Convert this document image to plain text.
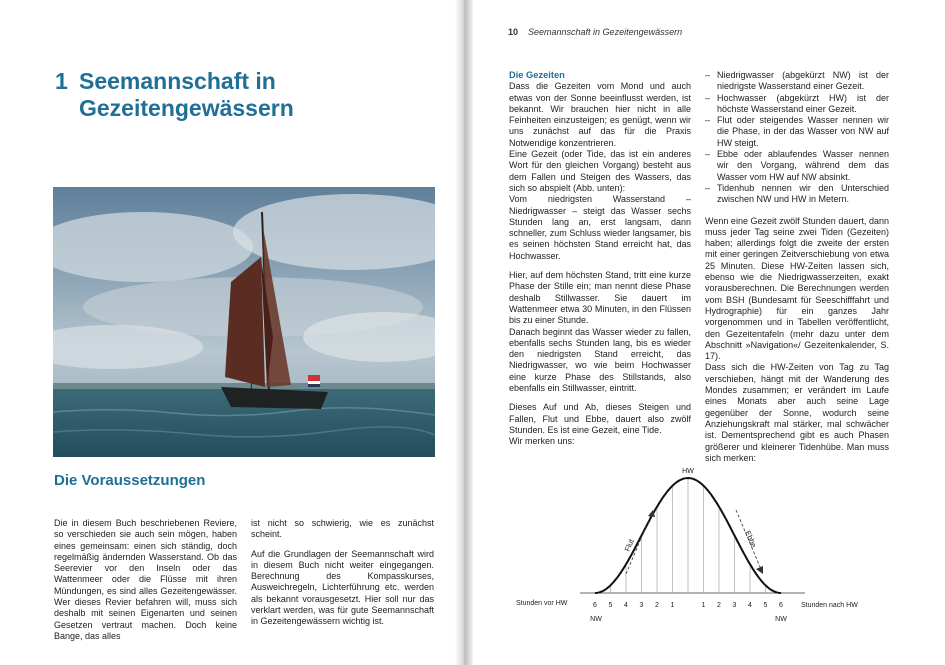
1 Seemannschaft in
Gezeitengewässern
Die Voraussetzungen

Die in diesem Buch beschriebenen Reviere, so verschieden sie auch sein mögen, haben eines gemeinsam: einen sich ständig, doch regelmäßig ändernden Wasserstand. Ob das Seerevier vor den Inseln oder das Wattenmeer oder die Flüsse mit ihren Mündungen, es sind alles Gezeitengewässer. Wer dieses Revier befahren will, muss sich deshalb mit seinen Eigenarten und seinen Gesetzen vertraut machen. Doch keine Bange, das alles

ist nicht so schwierig, wie es zunächst scheint.

Auf die Grundlagen der Seemannschaft wird in diesem Buch nicht weiter eingegangen. Berechnung des Kompasskurses, Ausweichregeln, Lichterführung etc. werden als bekannt vorausgesetzt. Hier soll nur das verklart werden, was für gute Seemannschaft in Gezeitengewässern wichtig ist.

10 Seemannschaft in Gezeitengewässern
Die Gezeiten

Dass die Gezeiten vom Mond und auch etwas von der Sonne beeinflusst werden, ist bekannt. Wir brauchen hier nicht in alle Feinheiten einzusteigen; es genügt, wenn wir uns zunächst auf das für die Praxis Notwendige konzentrieren.

Eine Gezeit (oder Tide, das ist ein anderes Wort für den gleichen Vorgang) besteht aus dem Fallen und Steigen des Wassers, das sich so abspielt (Abb. unten):

Vom niedrigsten Wasserstand – Niedrigwasser – steigt das Wasser sechs Stunden lang an, erst langsam, dann schneller, zum Schluss wieder langsamer, bis es seinen höchsten Stand erreicht hat, das Hochwasser.

Hier, auf dem höchsten Stand, tritt eine kurze Phase der Stille ein; man nennt diese Phase deshalb Stillwasser. Sie dauert im Wattenmeer etwa 30 Minuten, in den Flüssen bis zu einer Stunde.

Danach beginnt das Wasser wieder zu fallen, ebenfalls sechs Stunden lang, bis es wieder den niedrigsten Stand erreicht, das Niedrigwasser, wo wie beim Hochwasser eine kurze Phase des Stillstands, also ebenfalls ein Stillwasser, eintritt.

Dieses Auf und Ab, dieses Steigen und Fallen, Flut und Ebbe, dauert also zwölf Stunden. Es ist eine Gezeit, eine Tide.

Wir merken uns:

– Niedrigwasser (abgekürzt NW) ist der niedrigste Wasserstand einer Gezeit.
– Hochwasser (abgekürzt HW) ist der höchste Wasserstand einer Gezeit.
– Flut oder steigendes Wasser nennen wir die Phase, in der das Wasser von NW auf HW steigt.
– Ebbe oder ablaufendes Wasser nennen wir den Vorgang, während dem das Wasser vom HW auf NW absinkt.
– Tidenhub nennen wir den Unterschied zwischen NW und HW in Metern.

Wenn eine Gezeit zwölf Stunden dauert, dann muss jeder Tag seine zwei Tiden (Gezeiten) haben; allerdings folgt die zweite der ersten mit einer geringen Zeitverschiebung von etwa 25 Minuten. Diese HW-Zeiten lassen sich, ebenso wie die Niedrigwasserzeiten, exakt vorausberechnen. Die Berechnungen werden vom BSH (Bundesamt für Seeschifffahrt und Hydrographie) für ein ganzes Jahr vorgenommen und in Tabellen veröffentlicht, den Gezeitentafeln (mehr dazu unter dem Abschnitt »Navigation«/ Gezeitenkalender, S. 17).

Dass sich die HW-Zeiten von Tag zu Tag verschieben, hängt mit der Wanderung des Mondes zusammen; er verändert im Laufe eines Monats aber auch seine Lage gegenüber der Sonne, wodurch seine Anziehungskraft mal stärker, mal schwächer ist. Dementsprechend gibt es auch Phasen größerer und kleinerer Tidenhübe. Man muss sich merken:

Flut	Ebbe
HW
Stunden vor HW	Stunden nach HW
NW	NW
6 5 4 3 2 1	1 2 3 4 5 6
